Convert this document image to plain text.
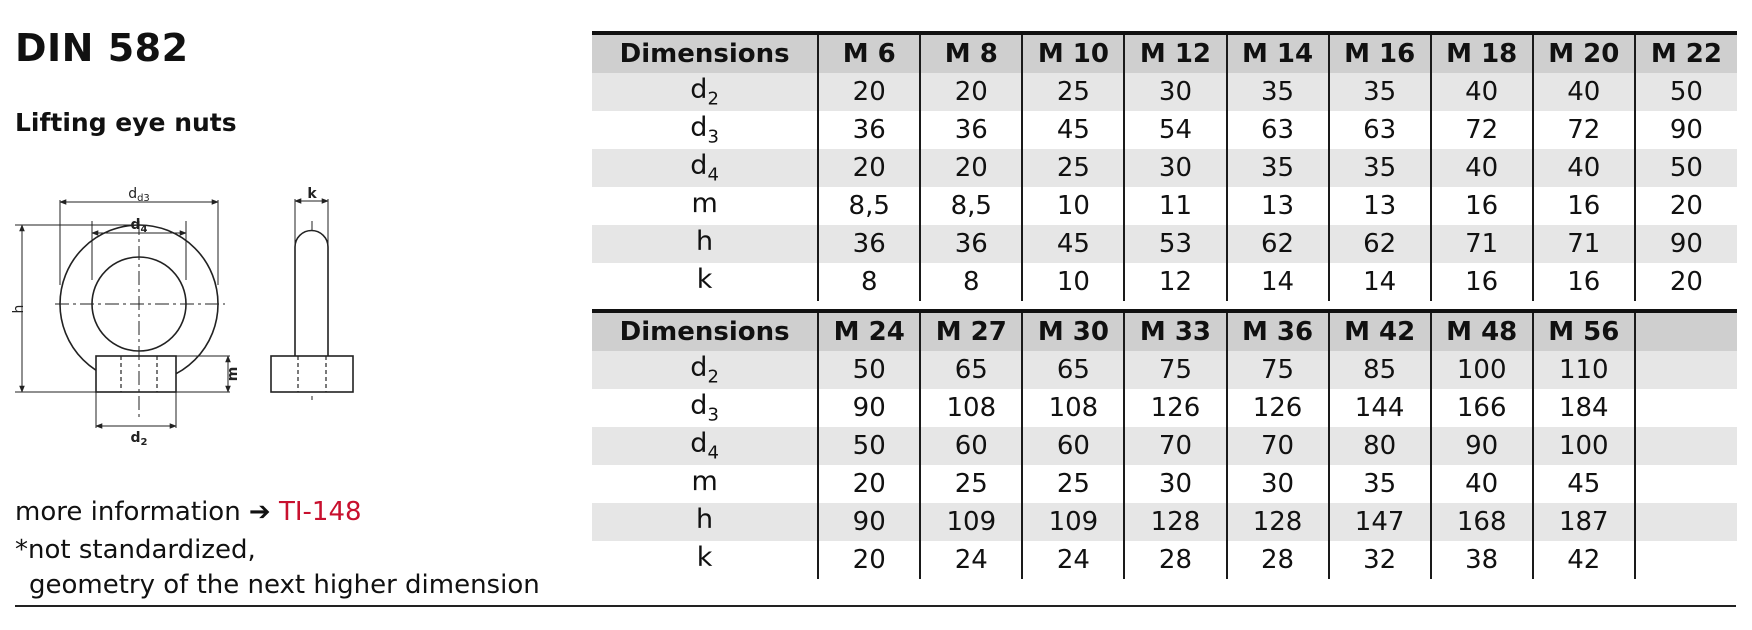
DIN 582
Lifting eye nuts
$d_{d3}$
$d_4$
$d_2$
h
m
k
more information ➔ TI-148
*not standardized,
geometry of the next higher dimension
Dimensions	M 6	M 8	M 10	M 12	M 14	M 16	M 18	M 20	M 22
$d_2$	20	20	25	30	35	35	40	40	50
$d_3$	36	36	45	54	63	63	72	72	90
$d_4$	20	20	25	30	35	35	40	40	50
m	8,5	8,5	10	11	13	13	16	16	20
h	36	36	45	53	62	62	71	71	90
k	8	8	10	12	14	14	16	16	20
Dimensions	M 24	M 27	M 30	M 33	M 36	M 42	M 48	M 56	
$d_2$	50	65	65	75	75	85	100	110	
$d_3$	90	108	108	126	126	144	166	184	
$d_4$	50	60	60	70	70	80	90	100	
m	20	25	25	30	30	35	40	45	
h	90	109	109	128	128	147	168	187	
k	20	24	24	28	28	32	38	42	
